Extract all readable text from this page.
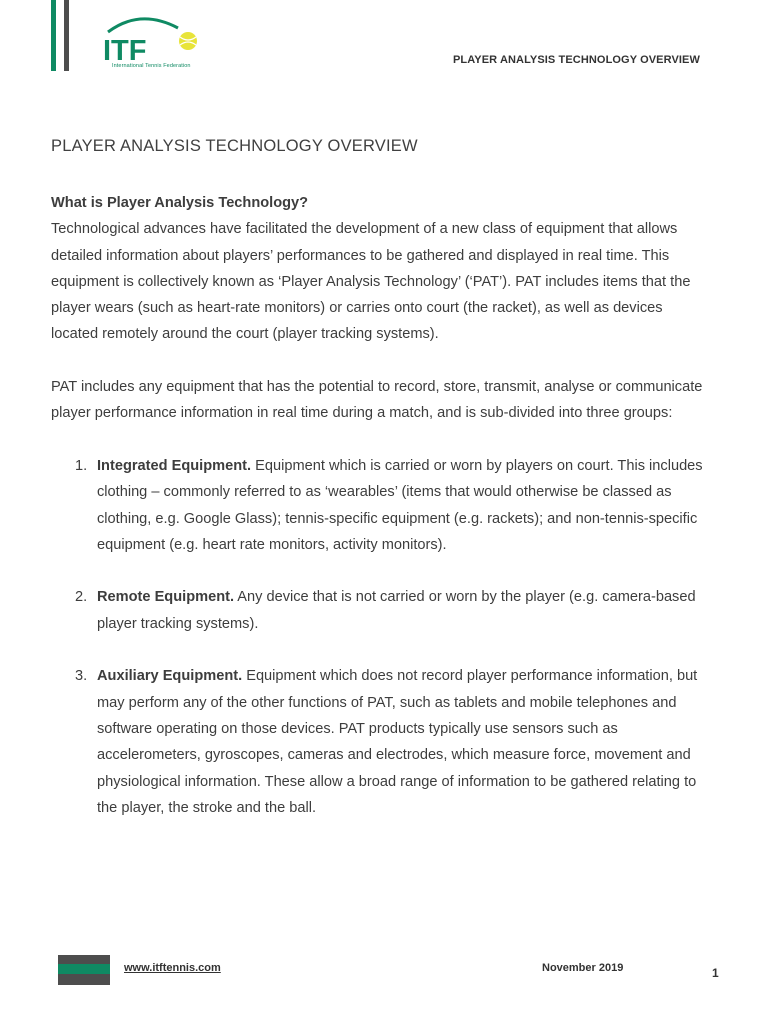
ITF
International Tennis Federation	PLAYER ANALYSIS TECHNOLOGY OVERVIEW
PLAYER ANALYSIS TECHNOLOGY OVERVIEW

What is Player Analysis Technology?

Technological advances have facilitated the development of a new class of equipment that allows detailed information about players’ performances to be gathered and displayed in real time. This equipment is collectively known as ‘Player Analysis Technology’ (‘PAT’). PAT includes items that the player wears (such as heart-rate monitors) or carries onto court (the racket), as well as devices located remotely around the court (player tracking systems).

PAT includes any equipment that has the potential to record, store, transmit, analyse or communicate player performance information in real time during a match, and is sub-divided into three groups:

1. Integrated Equipment. Equipment which is carried or worn by players on court. This includes clothing – commonly referred to as ‘wearables’ (items that would otherwise be classed as clothing, e.g. Google Glass); tennis-specific equipment (e.g. rackets); and non-tennis-specific equipment (e.g. heart rate monitors, activity monitors).
2. Remote Equipment. Any device that is not carried or worn by the player (e.g. camera-based player tracking systems).
3. Auxiliary Equipment. Equipment which does not record player performance information, but may perform any of the other functions of PAT, such as tablets and mobile telephones and software operating on those devices. PAT products typically use sensors such as accelerometers, gyroscopes, cameras and electrodes, which measure force, movement and physiological information. These allow a broad range of information to be gathered relating to the player, the stroke and the ball.
www.itftennis.com	November 2019	1
